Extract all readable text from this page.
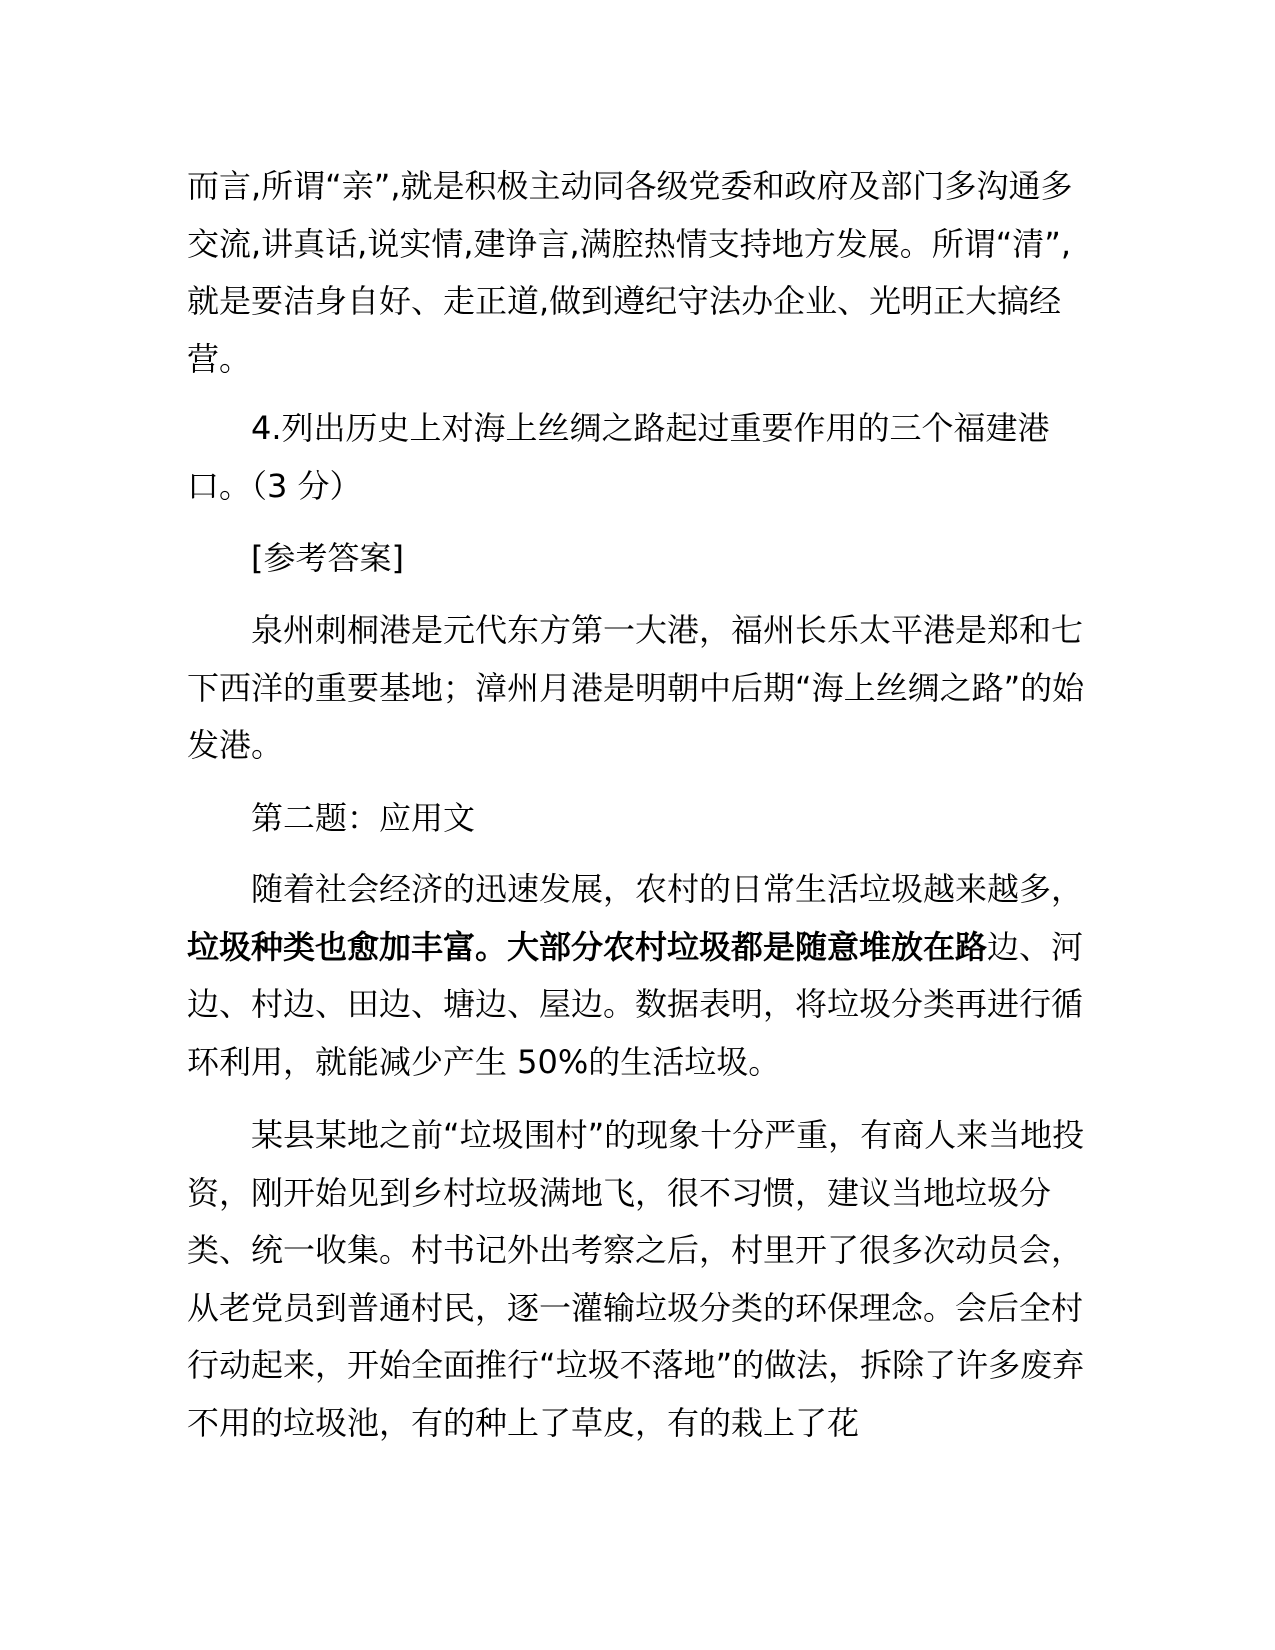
而言,所谓“亲”,就是积极主动同各级党委和政府及部门多沟通多交流,讲真话,说实情,建诤言,满腔热情支持地方发展。所谓“清”,就是要洁身自好、走正道,做到遵纪守法办企业、光明正大搞经营。

4.列出历史上对海上丝绸之路起过重要作用的三个福建港口。（3 分）

[参考答案]

泉州刺桐港是元代东方第一大港，福州长乐太平港是郑和七下西洋的重要基地；漳州月港是明朝中后期“海上丝绸之路”的始发港。

第二题：应用文

随着社会经济的迅速发展，农村的日常生活垃圾越来越多，垃圾种类也愈加丰富。大部分农村垃圾都是随意堆放在路边、河边、村边、田边、塘边、屋边。数据表明，将垃圾分类再进行循环利用，就能减少产生 50%的生活垃圾。

某县某地之前“垃圾围村”的现象十分严重，有商人来当地投资，刚开始见到乡村垃圾满地飞，很不习惯，建议当地垃圾分类、统一收集。村书记外出考察之后，村里开了很多次动员会，从老党员到普通村民，逐一灌输垃圾分类的环保理念。会后全村行动起来，开始全面推行“垃圾不落地”的做法，拆除了许多废弃不用的垃圾池，有的种上了草皮，有的栽上了花
